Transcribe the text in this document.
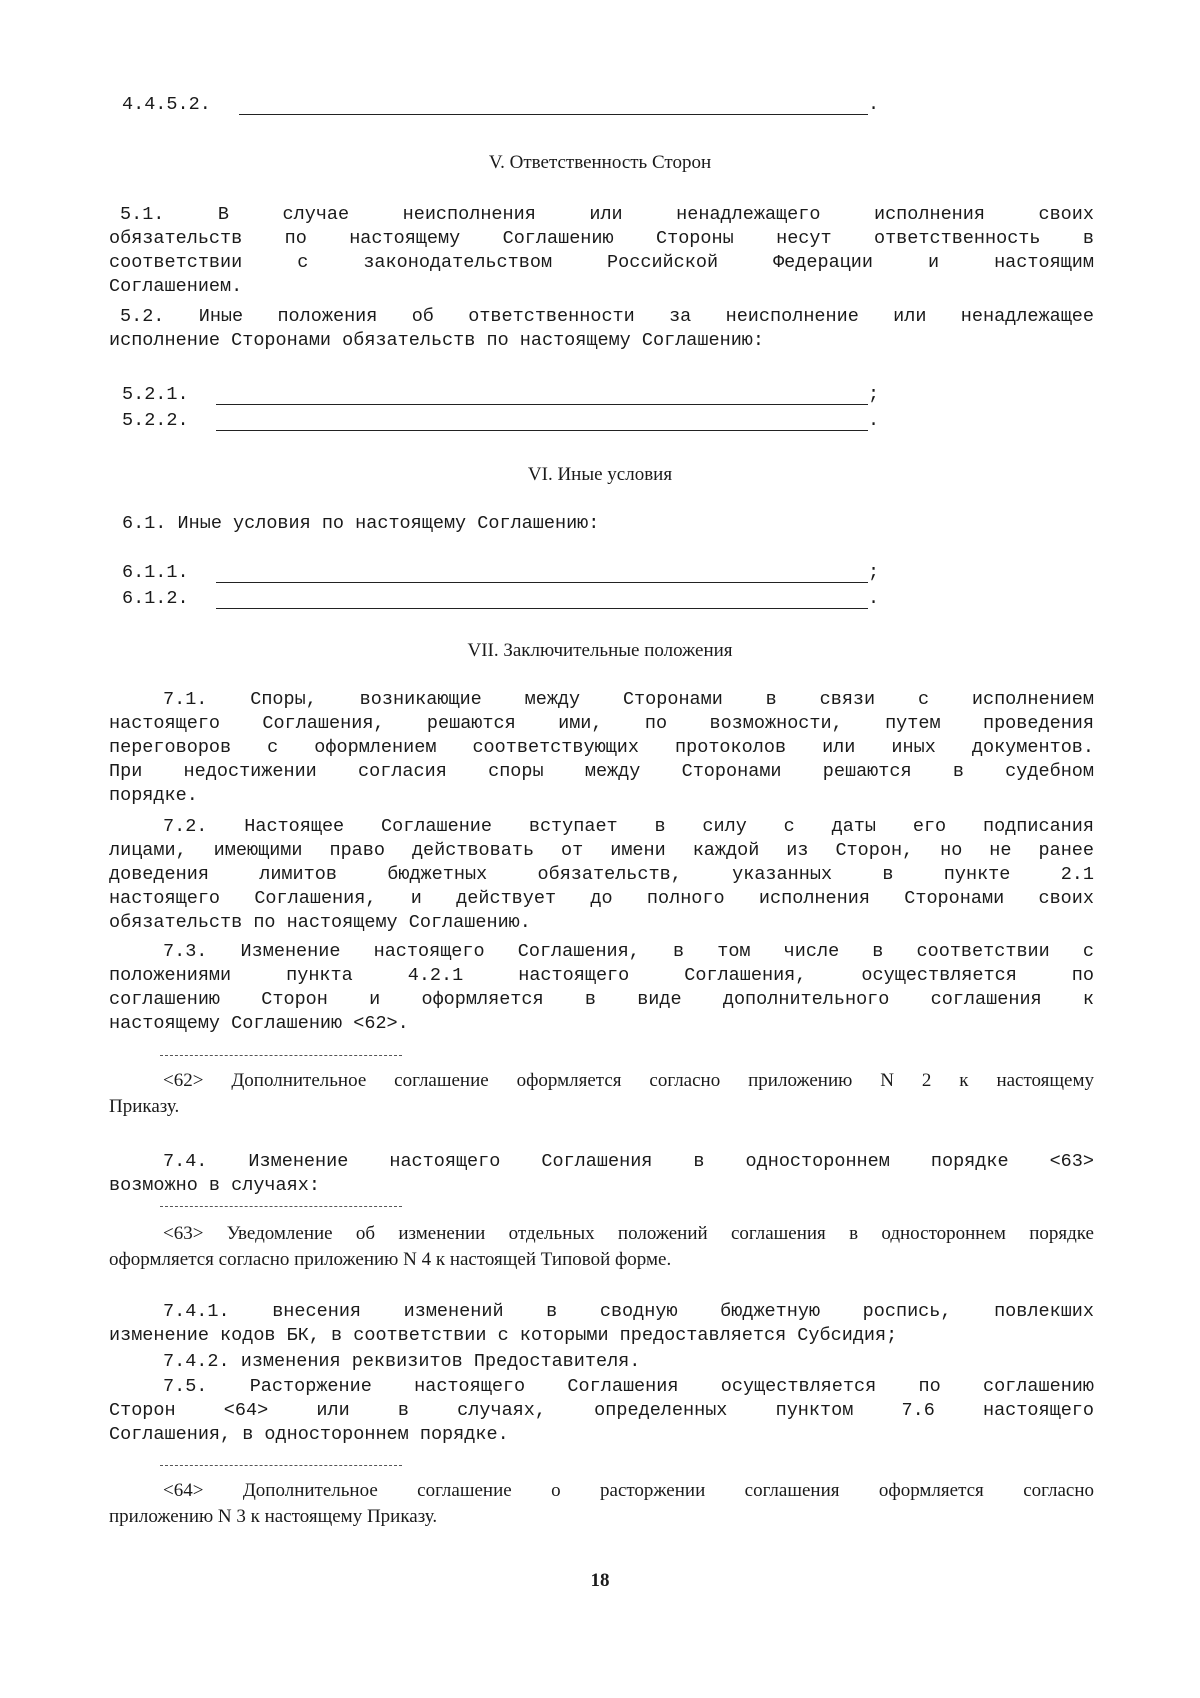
4.4.5.2.	.
V. Ответственность Сторон
5.1. В случае неисполнения или ненадлежащего исполнения своих
обязательств по настоящему Соглашению Стороны несут ответственность в
соответствии с законодательством Российской Федерации и настоящим
Соглашением.
5.2. Иные положения об ответственности за неисполнение или ненадлежащее
исполнение Сторонами обязательств по настоящему Соглашению:
5.2.1.	;
5.2.2.	.
VI. Иные условия
6.1. Иные условия по настоящему Соглашению:
6.1.1.	;
6.1.2.	.
VII. Заключительные положения
7.1. Споры, возникающие между Сторонами в связи с исполнением
настоящего Соглашения, решаются ими, по возможности, путем проведения
переговоров с оформлением соответствующих протоколов или иных документов.
При недостижении согласия споры между Сторонами решаются в судебном
порядке.
7.2. Настоящее Соглашение вступает в силу с даты его подписания
лицами, имеющими право действовать от имени каждой из Сторон, но не ранее
доведения лимитов бюджетных обязательств, указанных в пункте 2.1
настоящего Соглашения, и действует до полного исполнения Сторонами своих
обязательств по настоящему Соглашению.
7.3. Изменение настоящего Соглашения, в том числе в соответствии с
положениями пункта 4.2.1 настоящего Соглашения, осуществляется по
соглашению Сторон и оформляется в виде дополнительного соглашения к
настоящему Соглашению <62>.
<62> Дополнительное соглашение оформляется согласно приложению N 2 к настоящему
Приказу.
7.4. Изменение настоящего Соглашения в одностороннем порядке <63>
возможно в случаях:
<63> Уведомление об изменении отдельных положений соглашения в одностороннем порядке
оформляется согласно приложению N 4 к настоящей Типовой форме.
7.4.1. внесения изменений в сводную бюджетную роспись, повлекших
изменение кодов БК, в соответствии с которыми предоставляется Субсидия;
7.4.2. изменения реквизитов Предоставителя.
7.5. Расторжение настоящего Соглашения осуществляется по соглашению
Сторон <64> или в случаях, определенных пунктом 7.6 настоящего
Соглашения, в одностороннем порядке.
<64> Дополнительное соглашение о расторжении соглашения оформляется согласно
приложению N 3 к настоящему Приказу.
18
